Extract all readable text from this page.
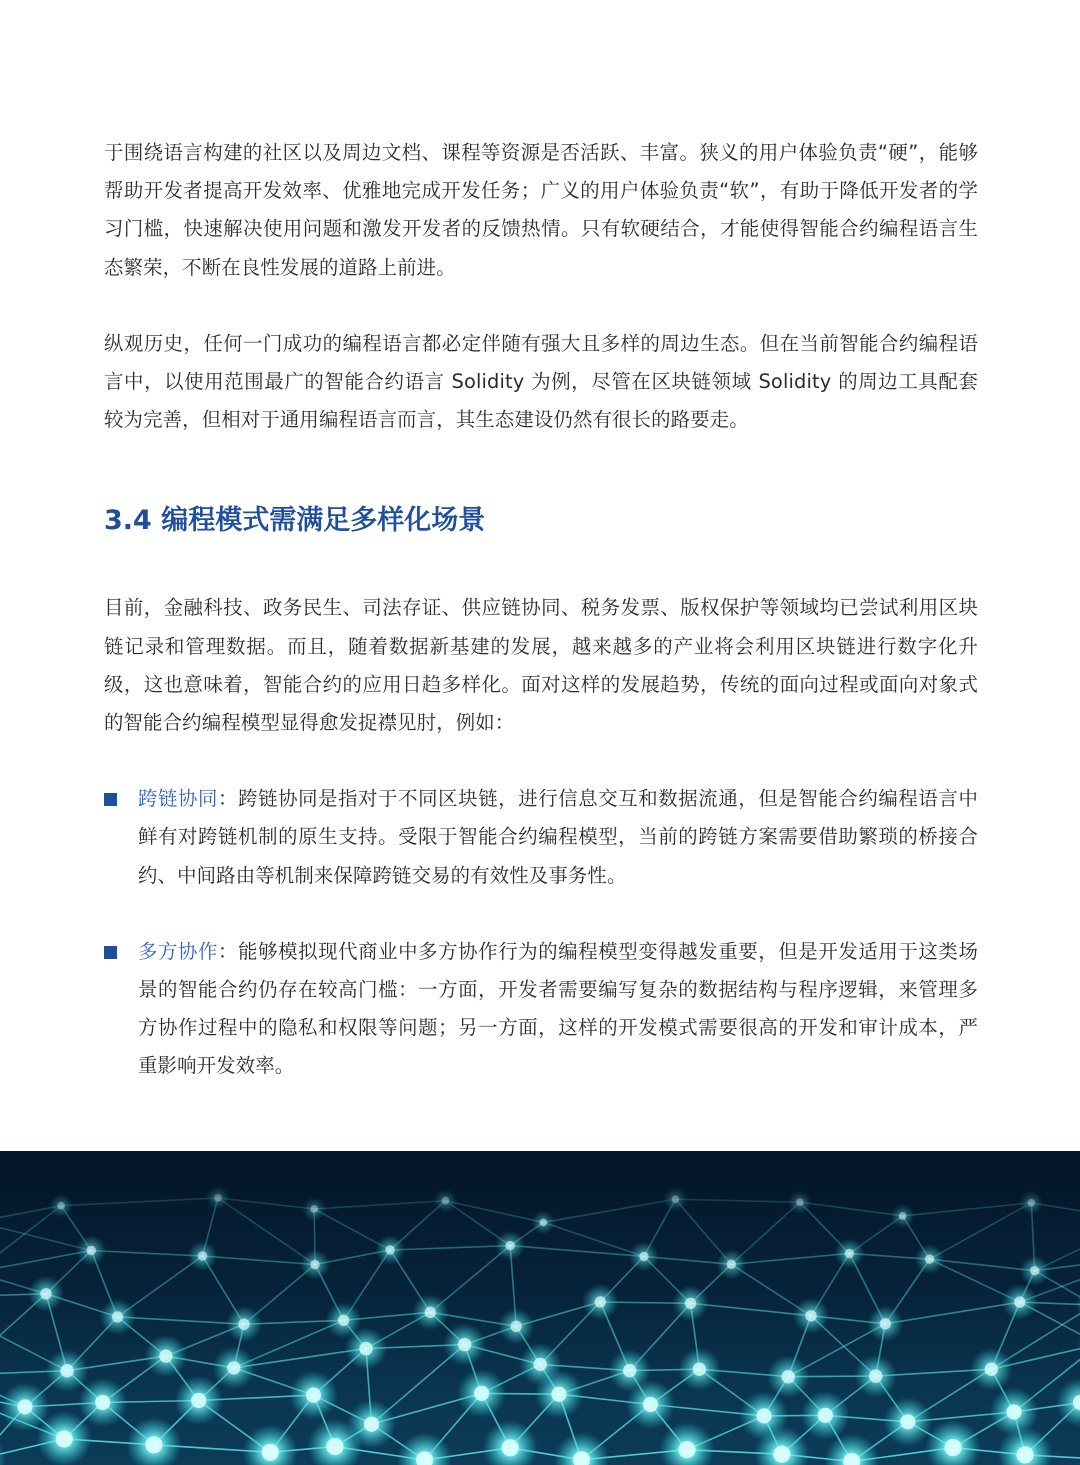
于围绕语言构建的社区以及周边文档、课程等资源是否活跃、丰富。狭义的用户体验负责“硬”，能够帮助开发者提高开发效率、优雅地完成开发任务；广义的用户体验负责“软”，有助于降低开发者的学习门槛，快速解决使用问题和激发开发者的反馈热情。只有软硬结合，才能使得智能合约编程语言生态繁荣，不断在良性发展的道路上前进。

纵观历史，任何一门成功的编程语言都必定伴随有强大且多样的周边生态。但在当前智能合约编程语言中，以使用范围最广的智能合约语言 Solidity 为例，尽管在区块链领域 Solidity 的周边工具配套较为完善，但相对于通用编程语言而言，其生态建设仍然有很长的路要走。

3.4 编程模式需满足多样化场景

目前，金融科技、政务民生、司法存证、供应链协同、税务发票、版权保护等领域均已尝试利用区块链记录和管理数据。而且，随着数据新基建的发展，越来越多的产业将会利用区块链进行数字化升级，这也意味着，智能合约的应用日趋多样化。面对这样的发展趋势，传统的面向过程或面向对象式的智能合约编程模型显得愈发捉襟见肘，例如：

跨链协同：跨链协同是指对于不同区块链，进行信息交互和数据流通，但是智能合约编程语言中鲜有对跨链机制的原生支持。受限于智能合约编程模型，当前的跨链方案需要借助繁琐的桥接合约、中间路由等机制来保障跨链交易的有效性及事务性。
多方协作：能够模拟现代商业中多方协作行为的编程模型变得越发重要，但是开发适用于这类场景的智能合约仍存在较高门槛：一方面，开发者需要编写复杂的数据结构与程序逻辑，来管理多方协作过程中的隐私和权限等问题；另一方面，这样的开发模式需要很高的开发和审计成本，严重影响开发效率。
